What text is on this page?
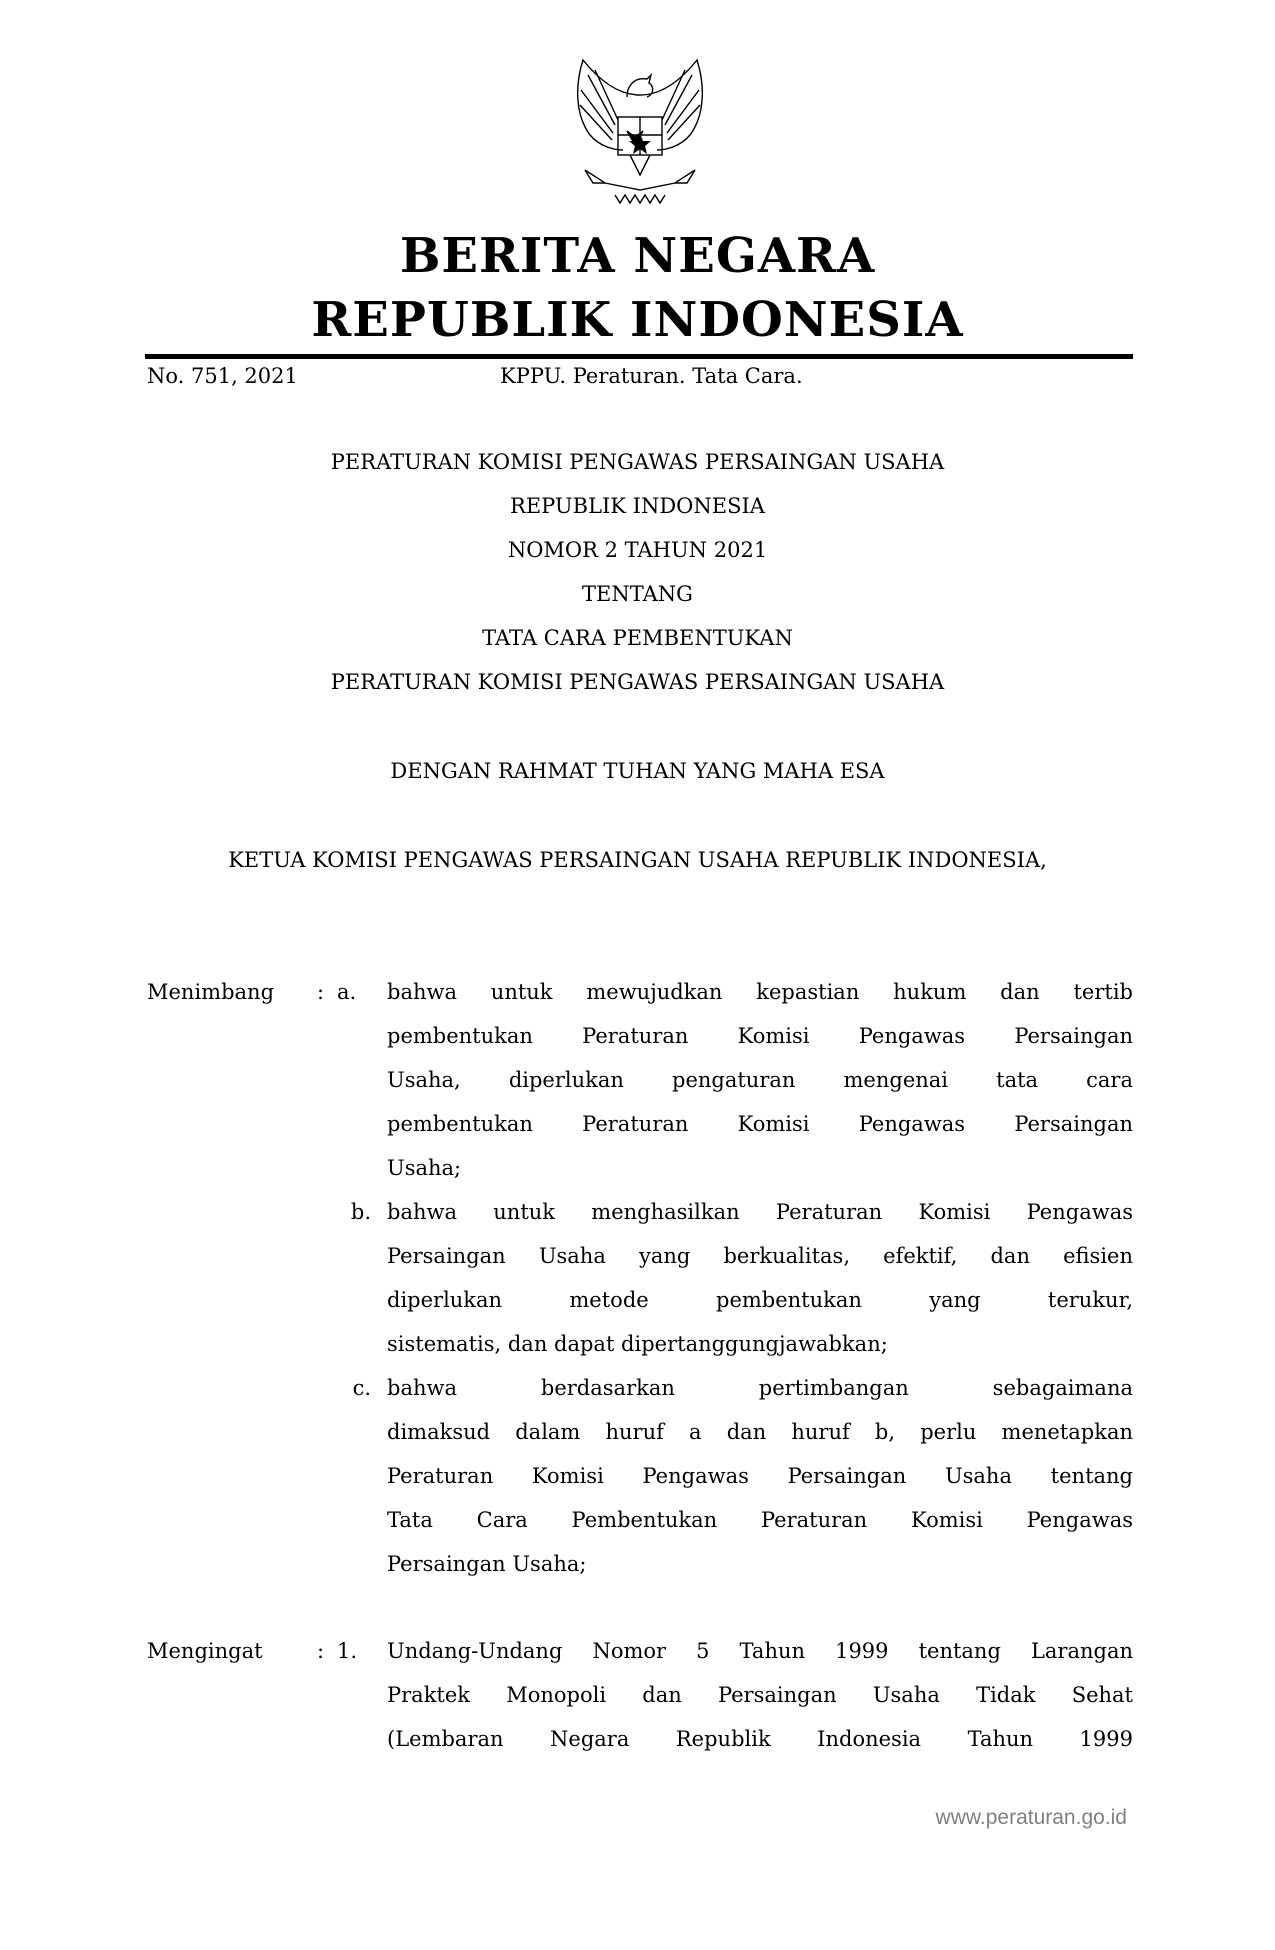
BERITA NEGARA
REPUBLIK INDONESIA
No. 751, 2021	KPPU. Peraturan. Tata Cara.
PERATURAN KOMISI PENGAWAS PERSAINGAN USAHA
REPUBLIK INDONESIA
NOMOR 2 TAHUN 2021
TENTANG
TATA CARA PEMBENTUKAN
PERATURAN KOMISI PENGAWAS PERSAINGAN USAHA
DENGAN RAHMAT TUHAN YANG MAHA ESA
KETUA KOMISI PENGAWAS PERSAINGAN USAHA REPUBLIK INDONESIA,
Menimbang	: a.	bahwa untuk mewujudkan kepastian hukum dan tertib
pembentukan Peraturan Komisi Pengawas Persaingan
Usaha, diperlukan pengaturan mengenai tata cara
pembentukan Peraturan Komisi Pengawas Persaingan
Usaha;
b. bahwa untuk menghasilkan Peraturan Komisi Pengawas
Persaingan Usaha yang berkualitas, efektif, dan efisien
diperlukan metode pembentukan yang terukur,
sistematis, dan dapat dipertanggungjawabkan;
c. bahwa berdasarkan pertimbangan sebagaimana
dimaksud dalam huruf a dan huruf b, perlu menetapkan
Peraturan Komisi Pengawas Persaingan Usaha tentang
Tata Cara Pembentukan Peraturan Komisi Pengawas
Persaingan Usaha;
Mengingat	: 1.	Undang-Undang Nomor 5 Tahun 1999 tentang Larangan
Praktek Monopoli dan Persaingan Usaha Tidak Sehat
(Lembaran Negara Republik Indonesia Tahun 1999
www.peraturan.go.id
